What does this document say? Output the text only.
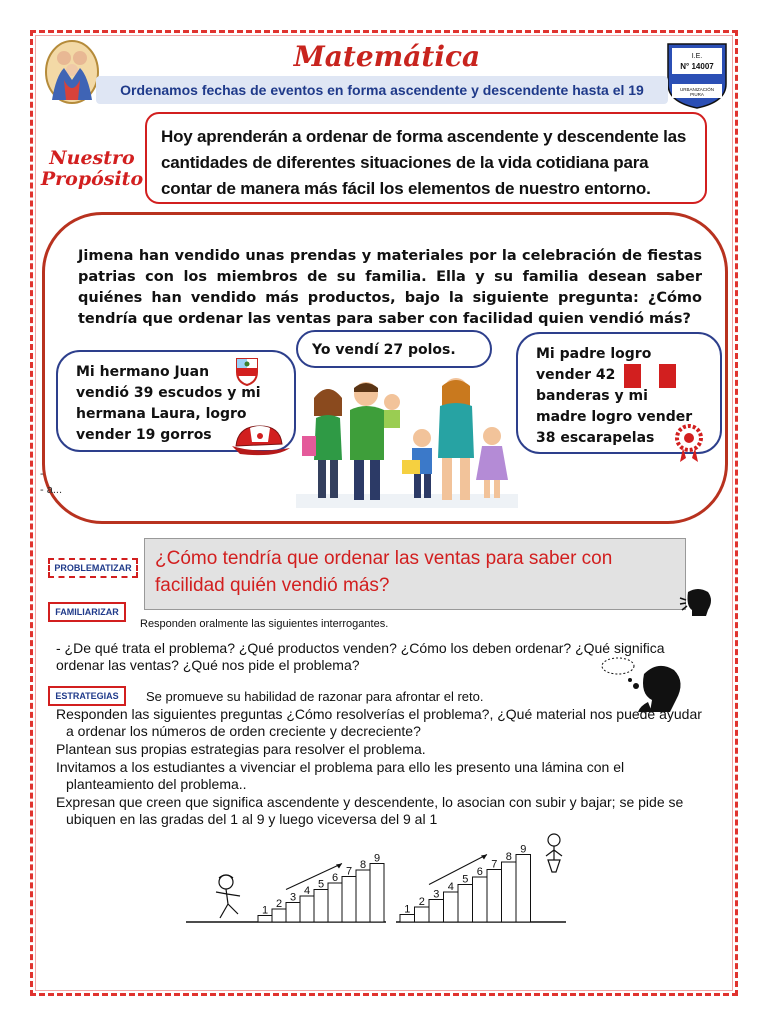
Matemática	I.E.
N° 14007
URBANIZACIÓN
PIURA
Ordenamos fechas de eventos en forma ascendente y descendente hasta el 19
Nuestro
Propósito

Hoy aprenderán a ordenar de forma ascendente y descendente las cantidades de diferentes situaciones de la vida cotidiana para contar de manera más fácil los elementos de nuestro entorno.

Jimena han vendido unas prendas y materiales por la celebración de fiestas patrias con los miembros de su familia. Ella y su familia desean saber quiénes han vendido más productos, bajo la siguiente pregunta: ¿Cómo tendría que ordenar las ventas para saber con facilidad quien vendió más?
-
- a...
Mi hermano Juan
vendió 39 escudos y mi
hermana Laura, logro
vender 19 gorros
Yo vendí 27 polos.	Mi padre logro
vender 42
banderas y mi
madre logro vender
38 escarapelas
PROBLEMATIZAR	¿Cómo tendría que ordenar las ventas para saber con facilidad quién vendió más?

FAMILIARIZAR
Responden oralmente las siguientes interrogantes.
- ¿De qué trata el problema? ¿Qué productos venden? ¿Cómo los deben ordenar? ¿Qué significa ordenar las ventas? ¿Qué nos pide el problema?
ESTRATEGIAS	Se promueve su habilidad de razonar para afrontar el reto.
Responden las siguientes preguntas ¿Cómo resolverías el problema?, ¿Qué material nos puede ayudar
a ordenar los números de orden creciente y decreciente?
Plantean sus propias estrategias para resolver el problema.
Invitamos a los estudiantes a vivenciar el problema para ello les presento una lámina con el
planteamiento del problema..
Expresan que creen que significa ascendente y descendente, lo asocian con subir y bajar; se pide se
ubiquen en las gradas del 1 al 9 y luego viceversa del 9 al 1
1
2
3
4
5
6
7
8
9
1
2
3
4
5
6
7
8
9
